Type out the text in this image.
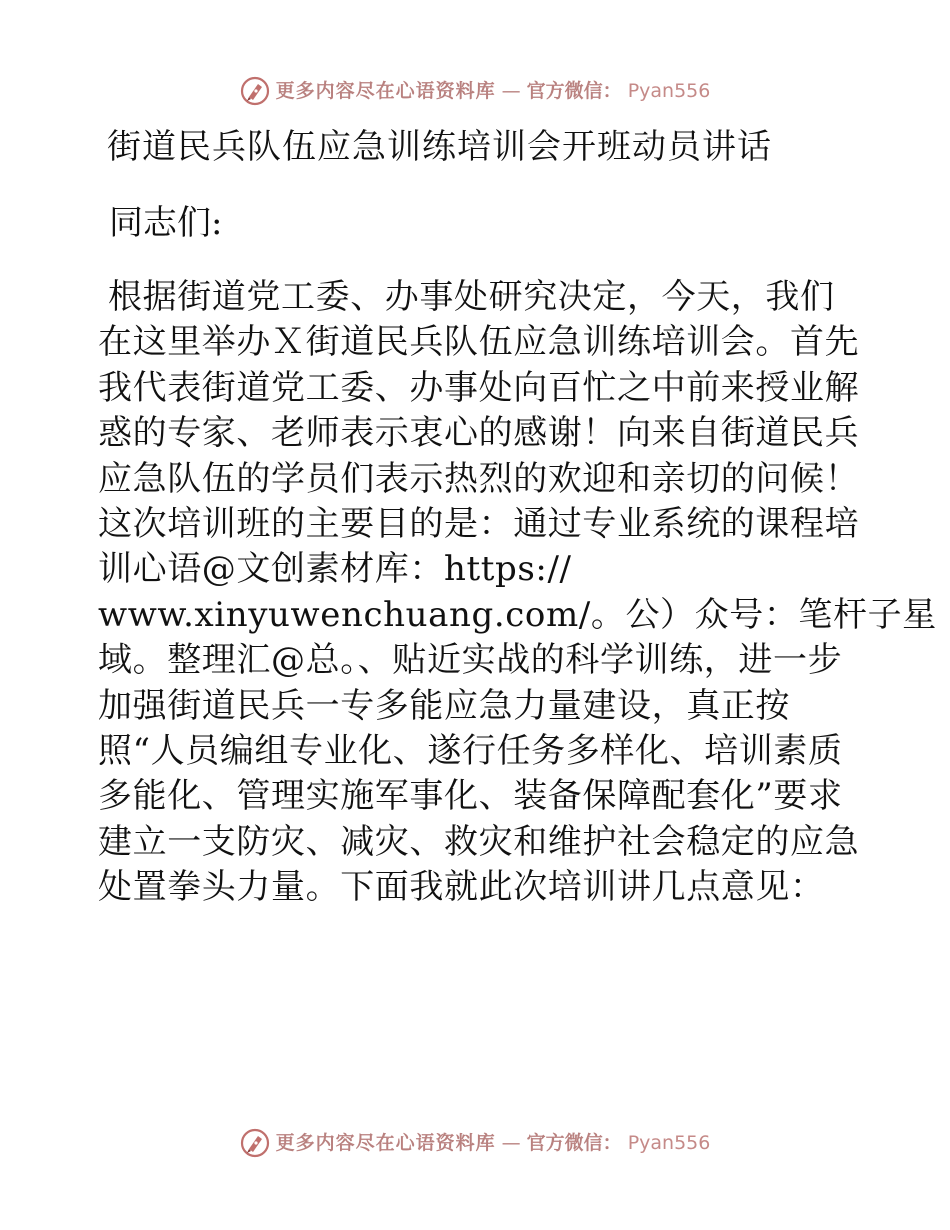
更多内容尽在心语资料库 — 官方微信： Pyan556
街道民兵队伍应急训练培训会开班动员讲话
同志们:
根据街道党工委、办事处研究决定，今天，我们
在这里举办Ｘ街道民兵队伍应急训练培训会。首先
我代表街道党工委、办事处向百忙之中前来授业解
惑的专家、老师表示衷心的感谢！向来自街道民兵
应急队伍的学员们表示热烈的欢迎和亲切的问候！
这次培训班的主要目的是：通过专业系统的课程培
训心语@文创素材库：https://
www.xinyuwenchuang.com/。公）众号：笔杆子星
域。整理汇@总。、贴近实战的科学训练，进一步
加强街道民兵一专多能应急力量建设，真正按
照“人员编组专业化、遂行任务多样化、培训素质
多能化、管理实施军事化、装备保障配套化”要求
建立一支防灾、减灾、救灾和维护社会稳定的应急
处置拳头力量。下面我就此次培训讲几点意见：
更多内容尽在心语资料库 — 官方微信： Pyan556
